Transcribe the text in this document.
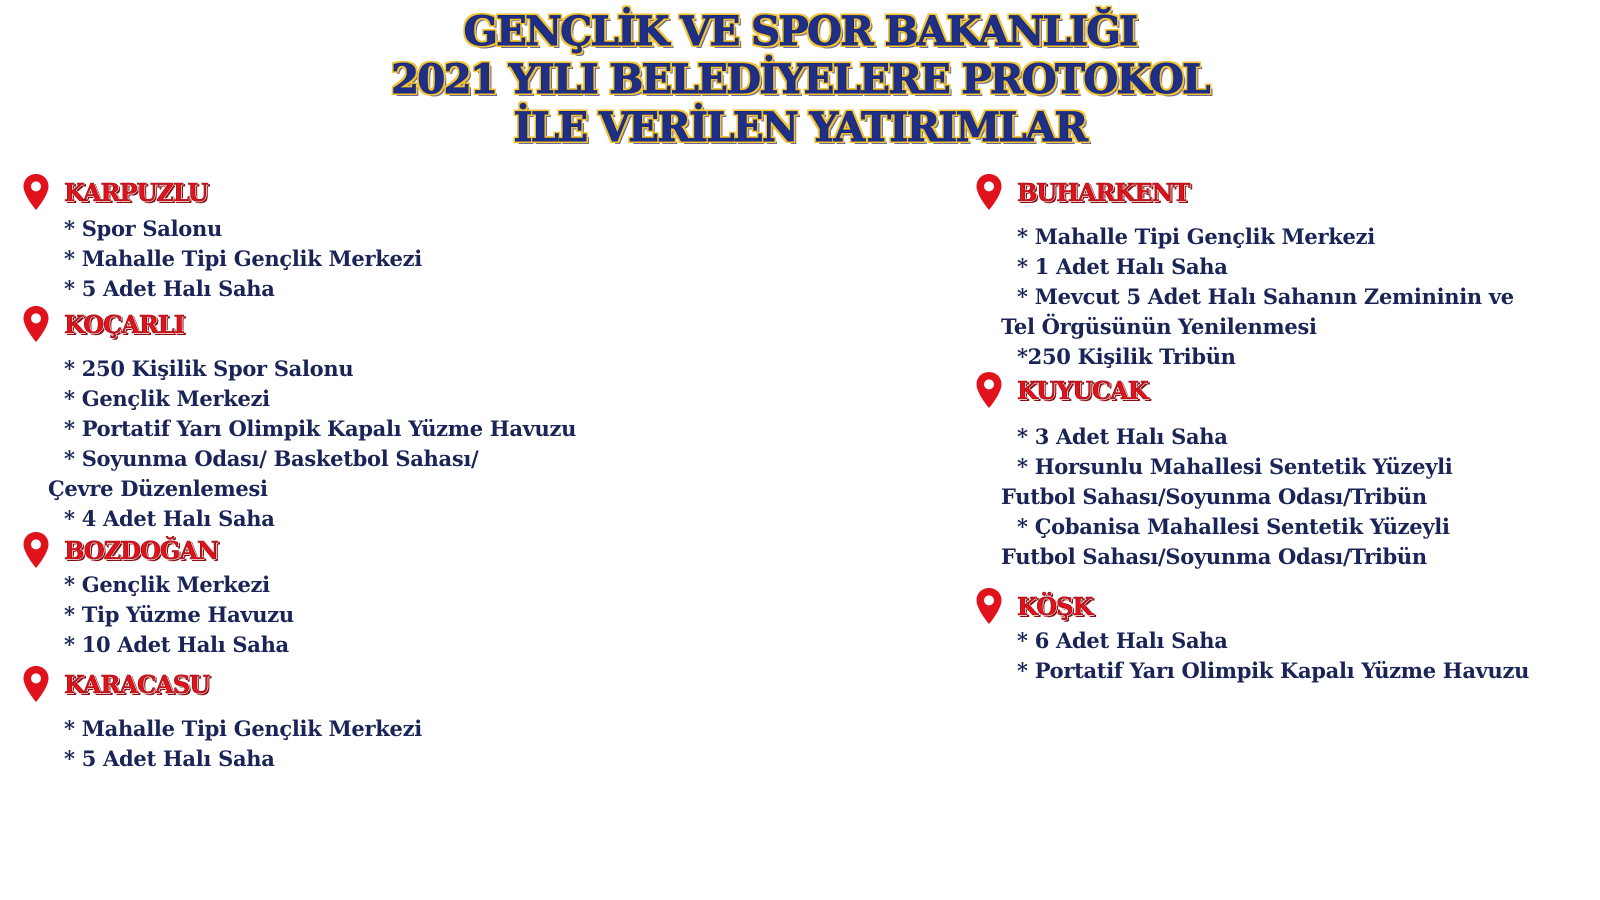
GENÇLİK VE SPOR BAKANLIĞI
2021 YILI BELEDİYELERE PROTOKOL
İLE VERİLEN YATIRIMLAR
KARPUZLU
* Spor Salonu
* Mahalle Tipi Gençlik Merkezi
* 5 Adet Halı Saha
KOÇARLI
* 250 Kişilik Spor Salonu
* Gençlik Merkezi
* Portatif Yarı Olimpik Kapalı Yüzme Havuzu
* Soyunma Odası/ Basketbol Sahası/
Çevre Düzenlemesi
* 4 Adet Halı Saha
BOZDOĞAN
* Gençlik Merkezi
* Tip Yüzme Havuzu
* 10 Adet Halı Saha
KARACASU
* Mahalle Tipi Gençlik Merkezi
* 5 Adet Halı Saha
BUHARKENT
* Mahalle Tipi Gençlik Merkezi
* 1 Adet Halı Saha
* Mevcut 5 Adet Halı Sahanın Zemininin ve
Tel Örgüsünün Yenilenmesi
*250 Kişilik Tribün
KUYUCAK
* 3 Adet Halı Saha
* Horsunlu Mahallesi Sentetik Yüzeyli
Futbol Sahası/Soyunma Odası/Tribün
* Çobanisa Mahallesi Sentetik Yüzeyli
Futbol Sahası/Soyunma Odası/Tribün
KÖŞK
* 6 Adet Halı Saha
* Portatif Yarı Olimpik Kapalı Yüzme Havuzu
